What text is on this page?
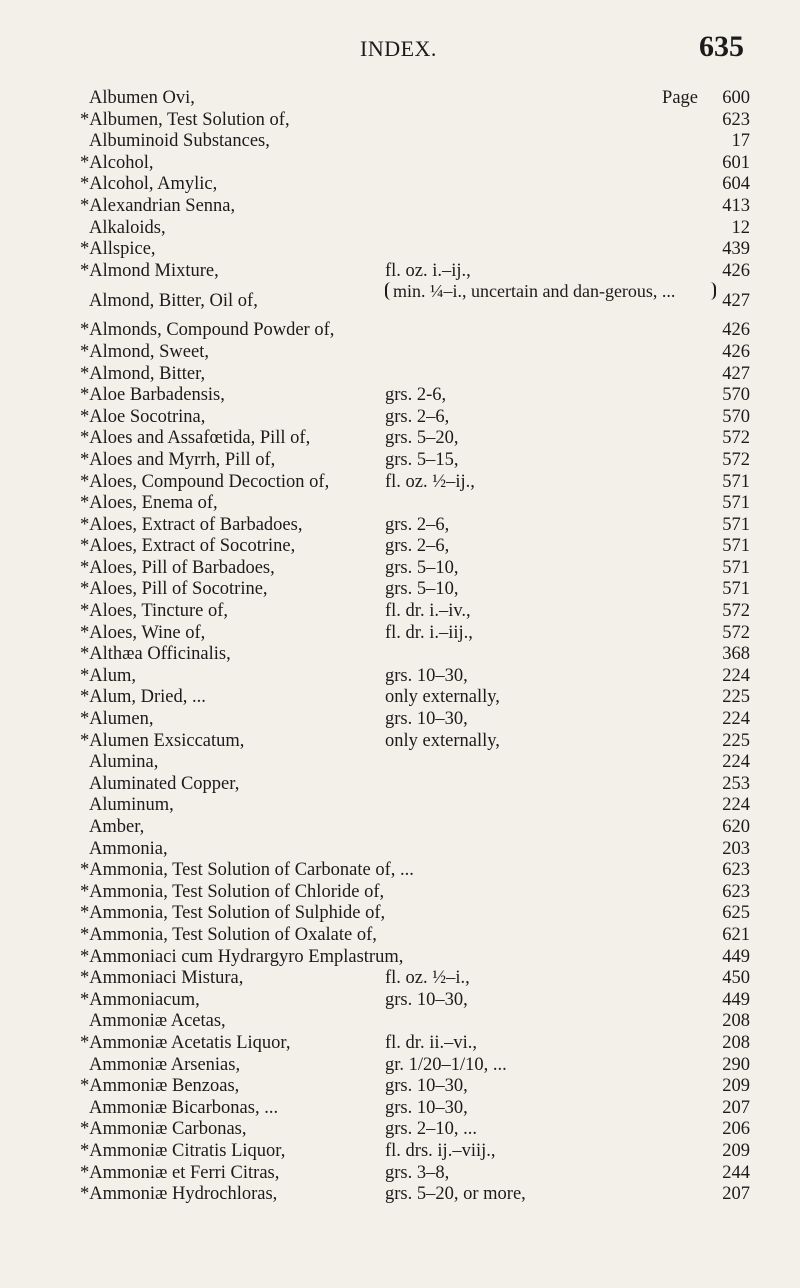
INDEX.	635
Albumen Ovi,	Page	600
*Albumen, Test Solution of,	623
Albuminoid Substances,	17
*Alcohol,	601
*Alcohol, Amylic,	604
*Alexandrian Senna,	413
Alkaloids,	12
*Allspice,	439
*Almond Mixture,	fl. oz. i.–ij.,	426
Almond, Bitter, Oil of,	min. ¼–i., uncertain and dan-gerous, ...	427
*Almonds, Compound Powder of,	426
*Almond, Sweet,	426
*Almond, Bitter,	427
*Aloe Barbadensis,	grs. 2-6,	570
*Aloe Socotrina,	grs. 2–6,	570
*Aloes and Assafœtida, Pill of,	grs. 5–20,	572
*Aloes and Myrrh, Pill of,	grs. 5–15,	572
*Aloes, Compound Decoction of,	fl. oz. ½–ij.,	571
*Aloes, Enema of,	571
*Aloes, Extract of Barbadoes,	grs. 2–6,	571
*Aloes, Extract of Socotrine,	grs. 2–6,	571
*Aloes, Pill of Barbadoes,	grs. 5–10,	571
*Aloes, Pill of Socotrine,	grs. 5–10,	571
*Aloes, Tincture of,	fl. dr. i.–iv.,	572
*Aloes, Wine of,	fl. dr. i.–iij.,	572
*Althæa Officinalis,	368
*Alum,	grs. 10–30,	224
*Alum, Dried, ...	only externally,	225
*Alumen,	grs. 10–30,	224
*Alumen Exsiccatum,	only externally,	225
Alumina,	224
Aluminated Copper,	253
Aluminum,	224
Amber,	620
Ammonia,	203
*Ammonia, Test Solution of Carbonate of, ...	623
*Ammonia, Test Solution of Chloride of,	623
*Ammonia, Test Solution of Sulphide of,	625
*Ammonia, Test Solution of Oxalate of,	621
*Ammoniaci cum Hydrargyro Emplastrum,	449
*Ammoniaci Mistura,	fl. oz. ½–i.,	450
*Ammoniacum,	grs. 10–30,	449
Ammoniæ Acetas,	208
*Ammoniæ Acetatis Liquor,	fl. dr. ii.–vi.,	208
Ammoniæ Arsenias,	gr. 1/20–1/10, ...	290
*Ammoniæ Benzoas,	grs. 10–30,	209
Ammoniæ Bicarbonas, ...	grs. 10–30,	207
*Ammoniæ Carbonas,	grs. 2–10, ...	206
*Ammoniæ Citratis Liquor,	fl. drs. ij.–viij.,	209
*Ammoniæ et Ferri Citras,	grs. 3–8,	244
*Ammoniæ Hydrochloras,	grs. 5–20, or more,	207
